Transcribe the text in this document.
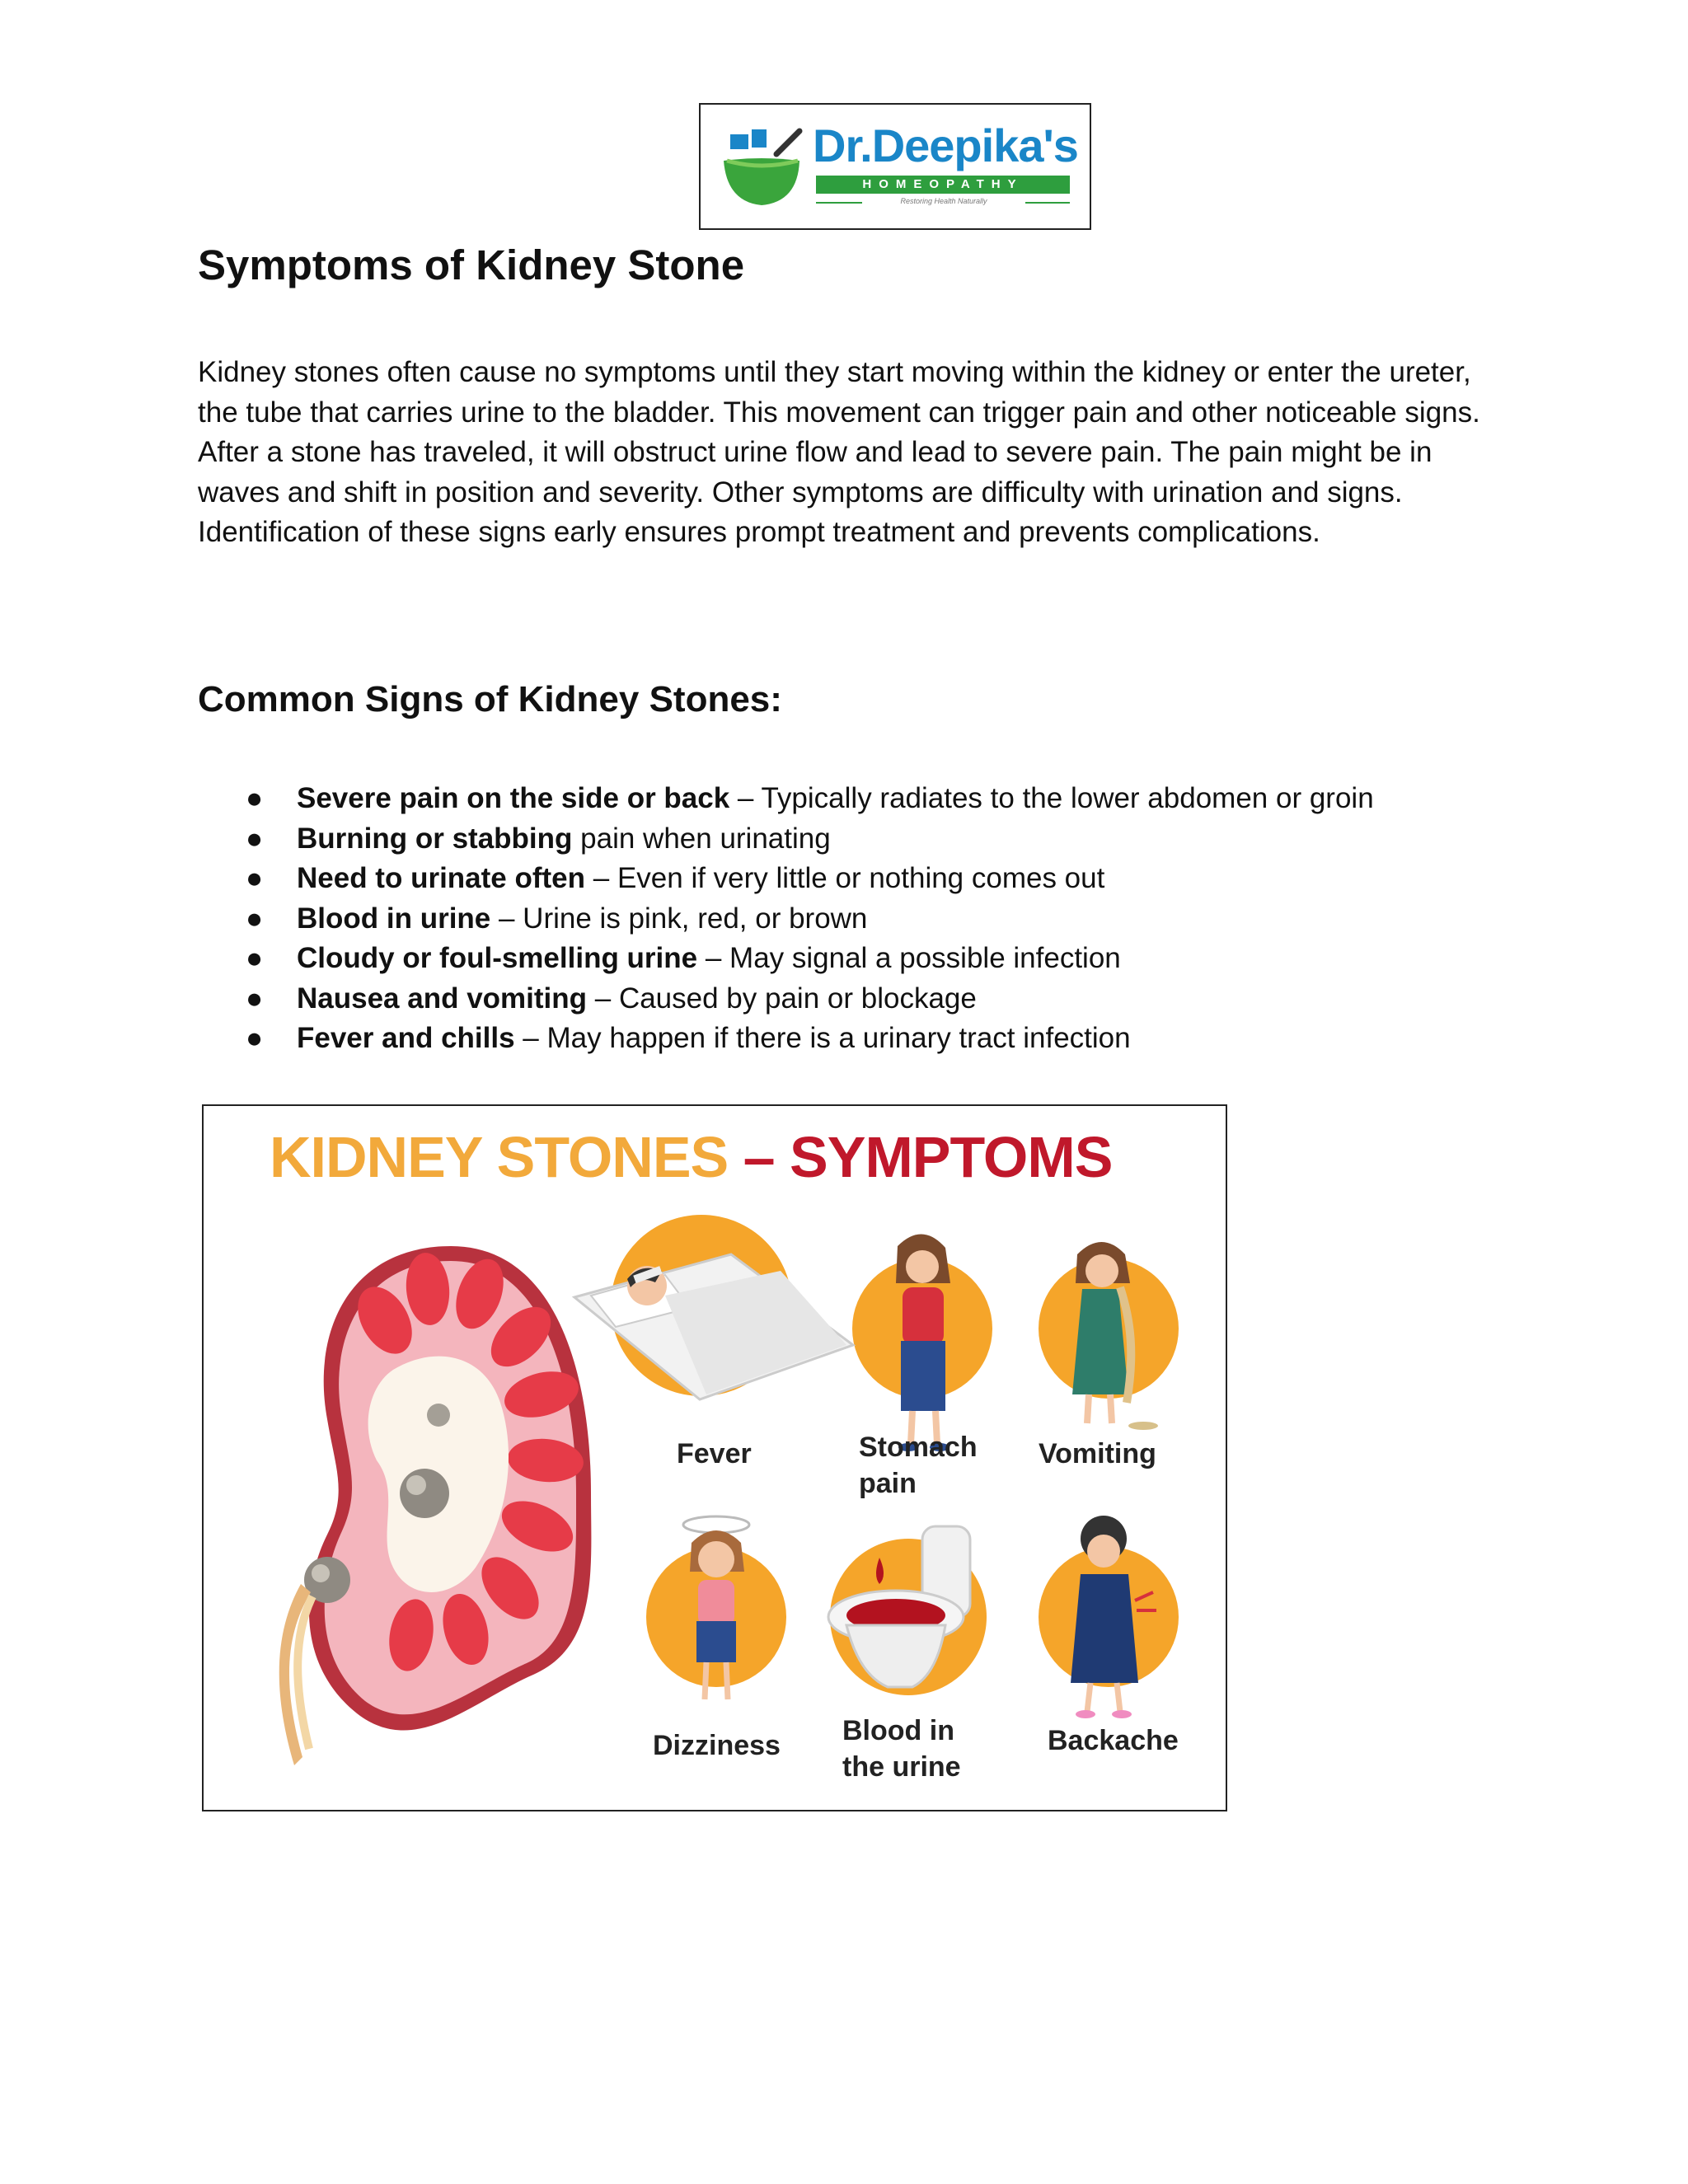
Dr.Deepika's
HOMEOPATHY
Restoring Health Naturally
Symptoms of Kidney Stone

Kidney stones often cause no symptoms until they start moving within the kidney or enter the ureter, the tube that carries urine to the bladder. This movement can trigger pain and other noticeable signs. After a stone has traveled, it will obstruct urine flow and lead to severe pain. The pain might be in waves and shift in position and severity. Other symptoms are difficulty with urination and signs. Identification of these signs early ensures prompt treatment and prevents complications.

Common Signs of Kidney Stones:
● Severe pain on the side or back – Typically radiates to the lower abdomen or groin
● Burning or stabbing pain when urinating
● Need to urinate often – Even if very little or nothing comes out
● Blood in urine – Urine is pink, red, or brown
● Cloudy or foul-smelling urine – May signal a possible infection
● Nausea and vomiting – Caused by pain or blockage
● Fever and chills – May happen if there is a urinary tract infection
KIDNEY STONES – SYMPTOMS
Fever	Stomach
pain
Vomiting
Dizziness Blood in
the urine
Backache
